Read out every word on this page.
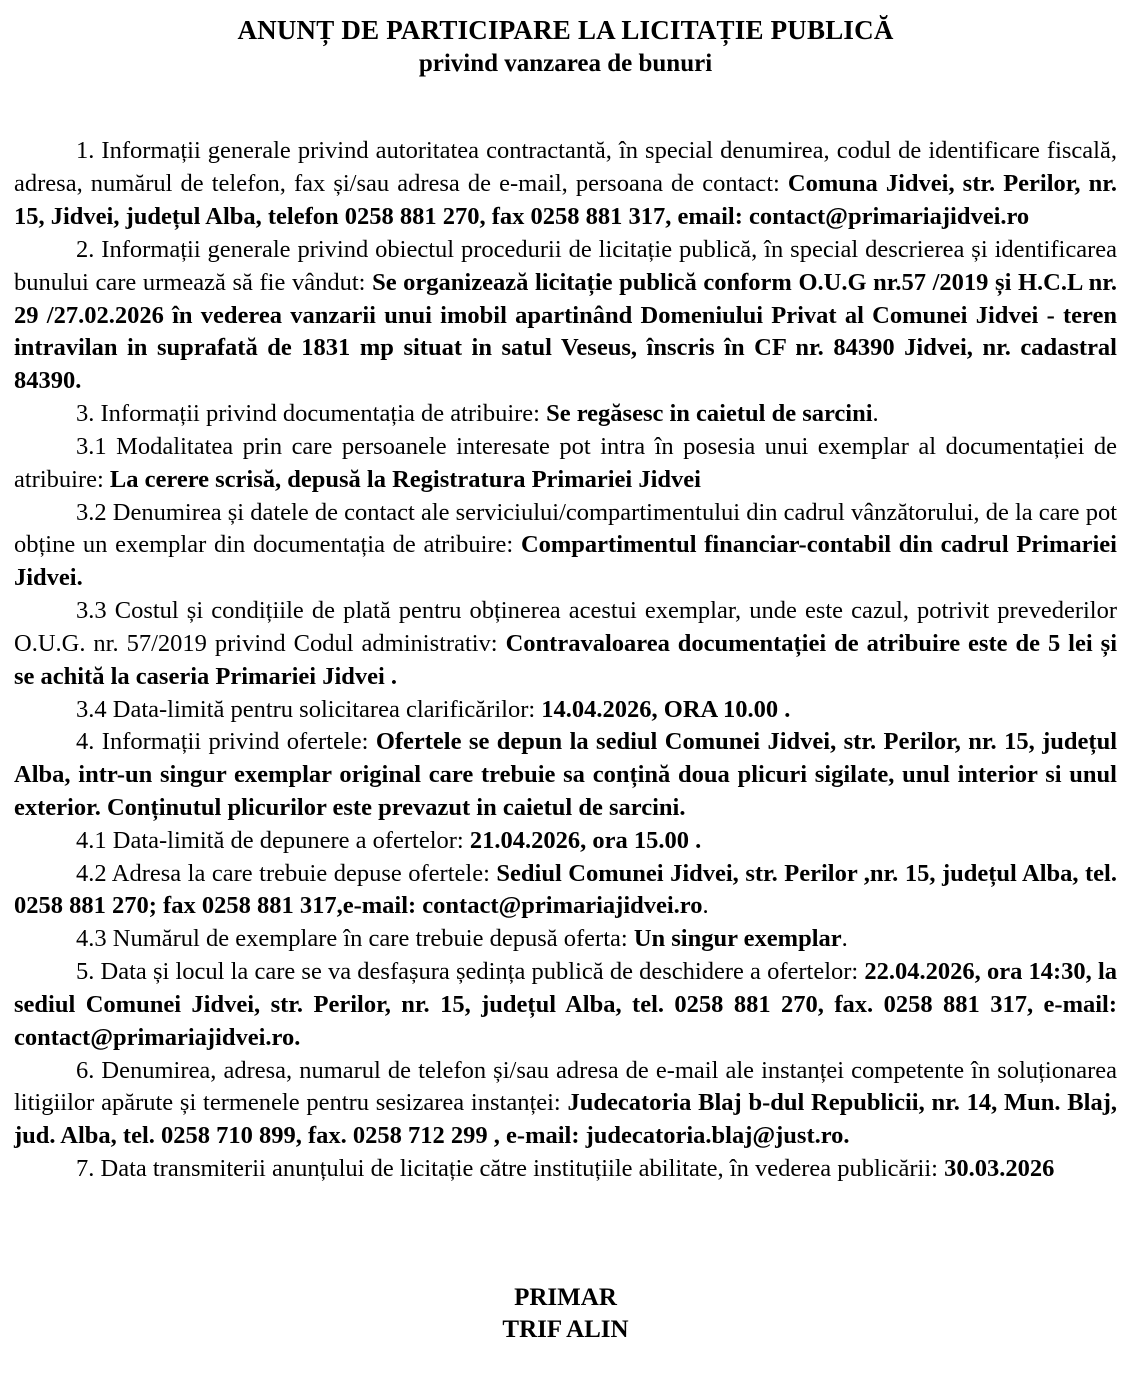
ANUNȚ DE PARTICIPARE LA LICITAȚIE PUBLICĂ
privind vanzarea de bunuri

1. Informații generale privind autoritatea contractantă, în special denumirea, codul de identificare fiscală, adresa, numărul de telefon, fax și/sau adresa de e-mail, persoana de contact: Comuna Jidvei, str. Perilor, nr. 15, Jidvei, județul Alba, telefon 0258 881 270, fax 0258 881 317, email: contact@primariajidvei.ro

2. Informații generale privind obiectul procedurii de licitație publică, în special descrierea și identificarea bunului care urmează să fie vândut: Se organizează licitație publică conform O.U.G nr.57 /2019 și H.C.L nr. 29 /27.02.2026 în vederea vanzarii unui imobil apartinând Domeniului Privat al Comunei Jidvei - teren intravilan in suprafată de 1831 mp situat in satul Veseus, înscris în CF nr. 84390 Jidvei, nr. cadastral 84390.

3. Informații privind documentația de atribuire: Se regăsesc in caietul de sarcini.

3.1 Modalitatea prin care persoanele interesate pot intra în posesia unui exemplar al documentației de atribuire: La cerere scrisă, depusă la Registratura Primariei Jidvei

3.2 Denumirea și datele de contact ale serviciului/compartimentului din cadrul vânzătorului, de la care pot obține un exemplar din documentația de atribuire: Compartimentul financiar-contabil din cadrul Primariei Jidvei.

3.3 Costul și condițiile de plată pentru obținerea acestui exemplar, unde este cazul, potrivit prevederilor O.U.G. nr. 57/2019 privind Codul administrativ: Contravaloarea documentației de atribuire este de 5 lei și se achită la caseria Primariei Jidvei .

3.4 Data-limită pentru solicitarea clarificărilor: 14.04.2026, ORA 10.00 .

4. Informații privind ofertele: Ofertele se depun la sediul Comunei Jidvei, str. Perilor, nr. 15, județul Alba, intr-un singur exemplar original care trebuie sa conțină doua plicuri sigilate, unul interior si unul exterior. Conținutul plicurilor este prevazut in caietul de sarcini.

4.1 Data-limită de depunere a ofertelor: 21.04.2026, ora 15.00 .

4.2 Adresa la care trebuie depuse ofertele: Sediul Comunei Jidvei, str. Perilor ,nr. 15, județul Alba, tel. 0258 881 270; fax 0258 881 317,e-mail: contact@primariajidvei.ro.

4.3 Numărul de exemplare în care trebuie depusă oferta: Un singur exemplar.

5. Data și locul la care se va desfașura ședința publică de deschidere a ofertelor: 22.04.2026, ora 14:30, la sediul Comunei Jidvei, str. Perilor, nr. 15, județul Alba, tel. 0258 881 270, fax. 0258 881 317, e-mail: contact@primariajidvei.ro.

6. Denumirea, adresa, numarul de telefon și/sau adresa de e-mail ale instanței competente în soluționarea litigiilor apărute și termenele pentru sesizarea instanței: Judecatoria Blaj b-dul Republicii, nr. 14, Mun. Blaj, jud. Alba, tel. 0258 710 899, fax. 0258 712 299 , e-mail: judecatoria.blaj@just.ro.

7. Data transmiterii anunțului de licitație către instituțiile abilitate, în vederea publicării: 30.03.2026

PRIMAR
TRIF ALIN
